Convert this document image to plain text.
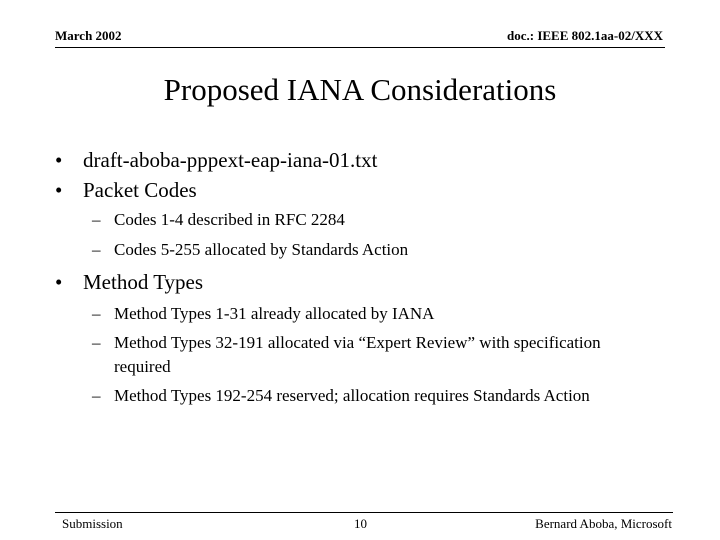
March 2002	doc.: IEEE 802.1aa-02/XXX
Proposed IANA Considerations
• draft-aboba-pppext-eap-iana-01.txt
• Packet Codes
– Codes 1-4 described in RFC 2284
– Codes 5-255 allocated by Standards Action
• Method Types
– Method Types 1-31 already allocated by IANA
– Method Types 32-191 allocated via “Expert Review” with specification required
– Method Types 192-254 reserved; allocation requires Standards Action
Submission	10	Bernard Aboba, Microsoft
